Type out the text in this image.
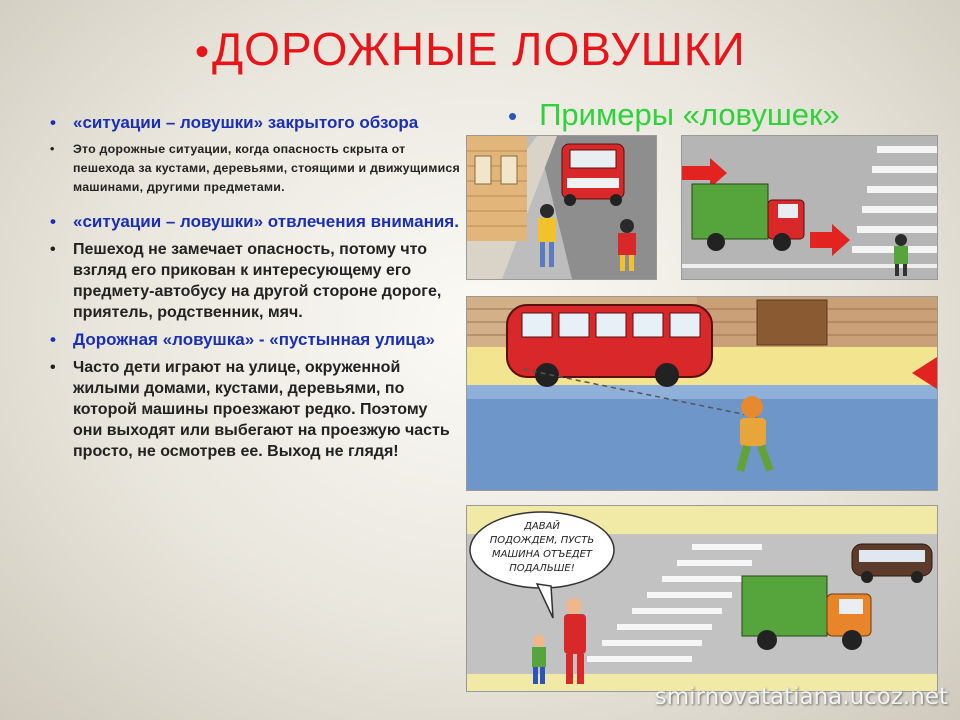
•ДОРОЖНЫЕ ЛОВУШКИ
• Примеры «ловушек»
• «ситуации – ловушки» закрытого обзора
• Это дорожные ситуации, когда опасность скрыта от пешехода за кустами, деревьями, стоящими и движущимися машинами, другими предметами.
• «ситуации – ловушки» отвлечения внимания.
• Пешеход не замечает опасность, потому что взгляд его прикован к интересующему его предмету-автобусу на другой стороне дороге, приятель, родственник, мяч.
• Дорожная «ловушка» - «пустынная улица»
• Часто дети играют на улице, окруженной жилыми домами, кустами, деревьями, по которой машины проезжают редко. Поэтому они выходят или выбегают на проезжую часть просто, не осмотрев ее. Выход не глядя!
ДАВАЙ
ПОДОЖДЕМ, ПУСТЬ
МАШИНА ОТЪЕДЕТ
ПОДАЛЬШЕ!
smirnovatatiana.ucoz.net
